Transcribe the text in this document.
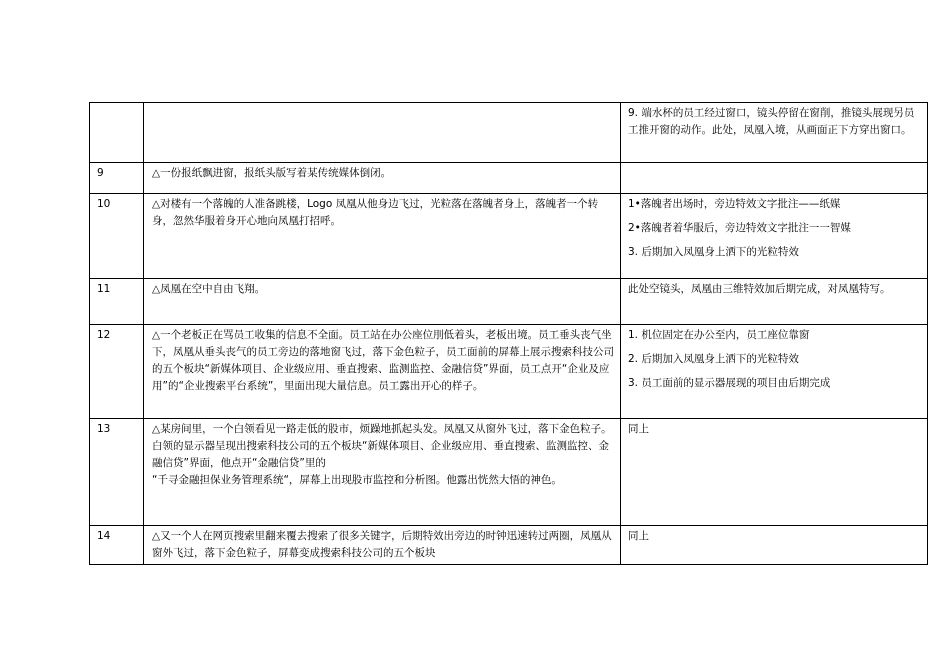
		9. 端水杯的员工经过窗口，镜头停留在窗削，推镜头展现另员工推开窗的动作。此处，凤凰入境，从画面正下方穿出窗口。

9	△一份报纸飘进窗，报纸头版写着某传统媒体倒闭。	

10	△对楼有一个落魄的人准备跳楼，Logo 凤凰从他身边飞过，光粒落在落魄者身上，落魄者一个转身，忽然华服着身开心地向凤凰打招呼。	1•落魄者出场时，旁边特效文字批注——纸媒

2•落魄者着华服后，旁边特效文字批注一一智媒

3. 后期加入凤凰身上洒下的光粒特效

11	△凤凰在空中自由飞翔。	此处空镜头，凤凰由三维特效加后期完成，对凤凰特写。

12	△一个老板正在骂员工收集的信息不全面。员工站在办公座位刖低着头，老板出境。员工垂头丧气坐下，凤凰从垂头丧气的员工旁边的落地窗飞过，落下金色粒子，员工面前的屏幕上展示搜索科技公司的五个板块“新媒体项目、企业级应用、垂直搜索、监测监控、金融信贷”界面，员工点开“企业及应用”的“企业搜索平台系统”，里面出现大量信息。员工露出开心的样子。	1. 机位固定在办公至内，员工座位靠窗

2. 后期加入凤凰身上洒下的光粒特效

3. 员工面前的显示器展现的项目由后期完成

13	△某房间里，一个白领看见一路走低的股市，烦躁地抓起头发。凤凰又从窗外飞过，落下金色粒子。白领的显示器呈现出搜索科技公司的五个板块“新媒体项目、企业级应用、垂直搜索、监测监控、金融信贷”界面，他点开“金融信贷”里的

“千寻金融担保业务管理系统“，屏幕上出现股市监控和分析图。他露出恍然大悟的神色。	同上

14	△又一个人在网页搜索里翻来覆去搜索了很多关键字，后期特效出旁边的时钟迅速转过两圈，凤凰从窗外飞过，落下金色粒子，屏幕变成搜索科技公司的五个板块	同上
